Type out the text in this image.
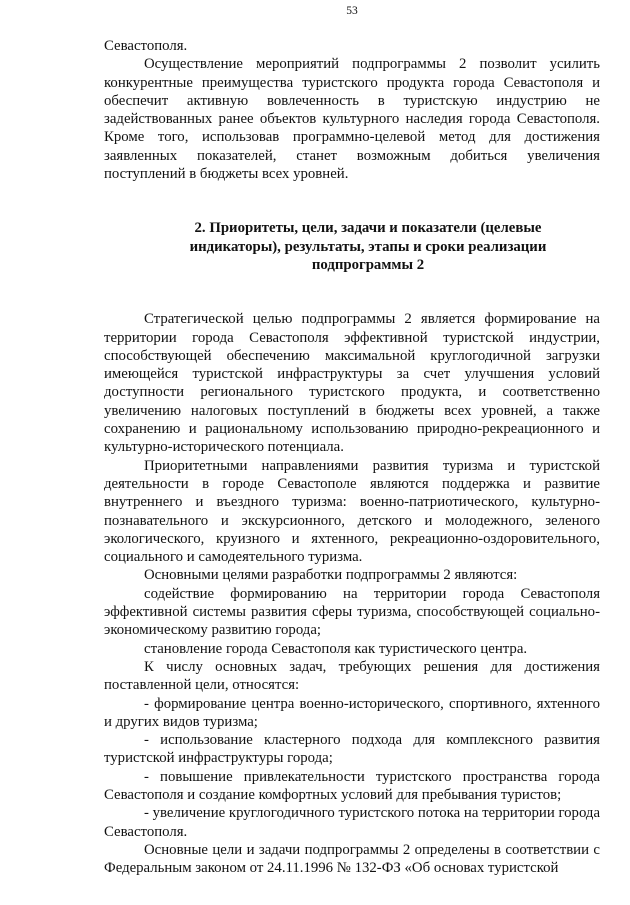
53

Севастополя.

Осуществление мероприятий подпрограммы 2 позволит усилить конкурентные преимущества туристского продукта города Севастополя и обеспечит активную вовлеченность в туристскую индустрию не задействованных ранее объектов культурного наследия города Севастополя. Кроме того, использовав программно-целевой метод для достижения заявленных показателей, станет возможным добиться увеличения поступлений в бюджеты всех уровней.

2. Приоритеты, цели, задачи и показатели (целевые индикаторы), результаты, этапы и сроки реализации подпрограммы 2

Стратегической целью подпрограммы 2 является формирование на территории города Севастополя эффективной туристской индустрии, способствующей обеспечению максимальной круглогодичной загрузки имеющейся туристской инфраструктуры за счет улучшения условий доступности регионального туристского продукта, и соответственно увеличению налоговых поступлений в бюджеты всех уровней, а также сохранению и рациональному использованию природно-рекреационного и культурно-исторического потенциала.

Приоритетными направлениями развития туризма и туристской деятельности в городе Севастополе являются поддержка и развитие внутреннего и въездного туризма: военно-патриотического, культурно-познавательного и экскурсионного, детского и молодежного, зеленого экологического, круизного и яхтенного, рекреационно-оздоровительного, социального и самодеятельного туризма.

Основными целями разработки подпрограммы 2 являются:

содействие формированию на территории города Севастополя эффективной системы развития сферы туризма, способствующей социально-экономическому развитию города;

становление города Севастополя как туристического центра.

К числу основных задач, требующих решения для достижения поставленной цели, относятся:

- формирование центра военно-исторического, спортивного, яхтенного и других видов туризма;

- использование кластерного подхода для комплексного развития туристской инфраструктуры города;

- повышение привлекательности туристского пространства города Севастополя и создание комфортных условий для пребывания туристов;

- увеличение круглогодичного туристского потока на территории города Севастополя.

Основные цели и задачи подпрограммы 2 определены в соответствии с Федеральным законом от 24.11.1996 № 132-ФЗ «Об основах туристской
